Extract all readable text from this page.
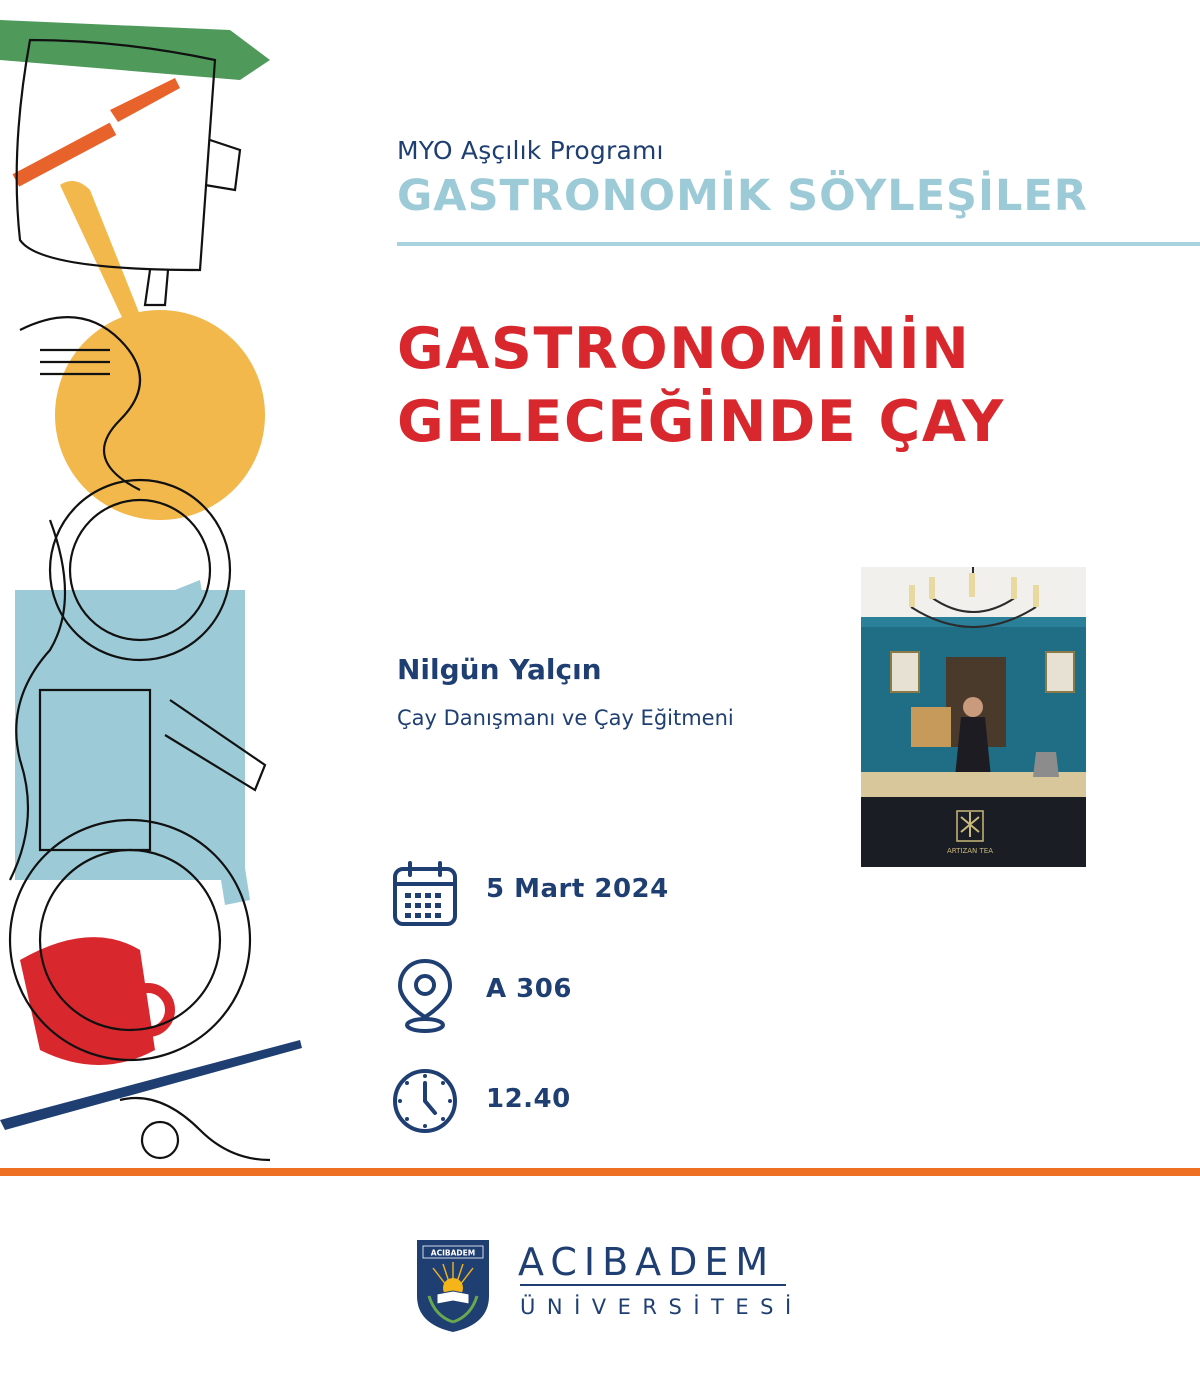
MYO Aşçılık Programı
GASTRONOMİK SÖYLEŞİLER
GASTRONOMİNİN
GELECEĞİNDE ÇAY
Nilgün Yalçın
Çay Danışmanı ve Çay Eğitmeni
ARTIZAN TEA
5 Mart 2024
A 306
12.40
ACIBADEM ACIBADEM
ÜNİVERSİTESİ
